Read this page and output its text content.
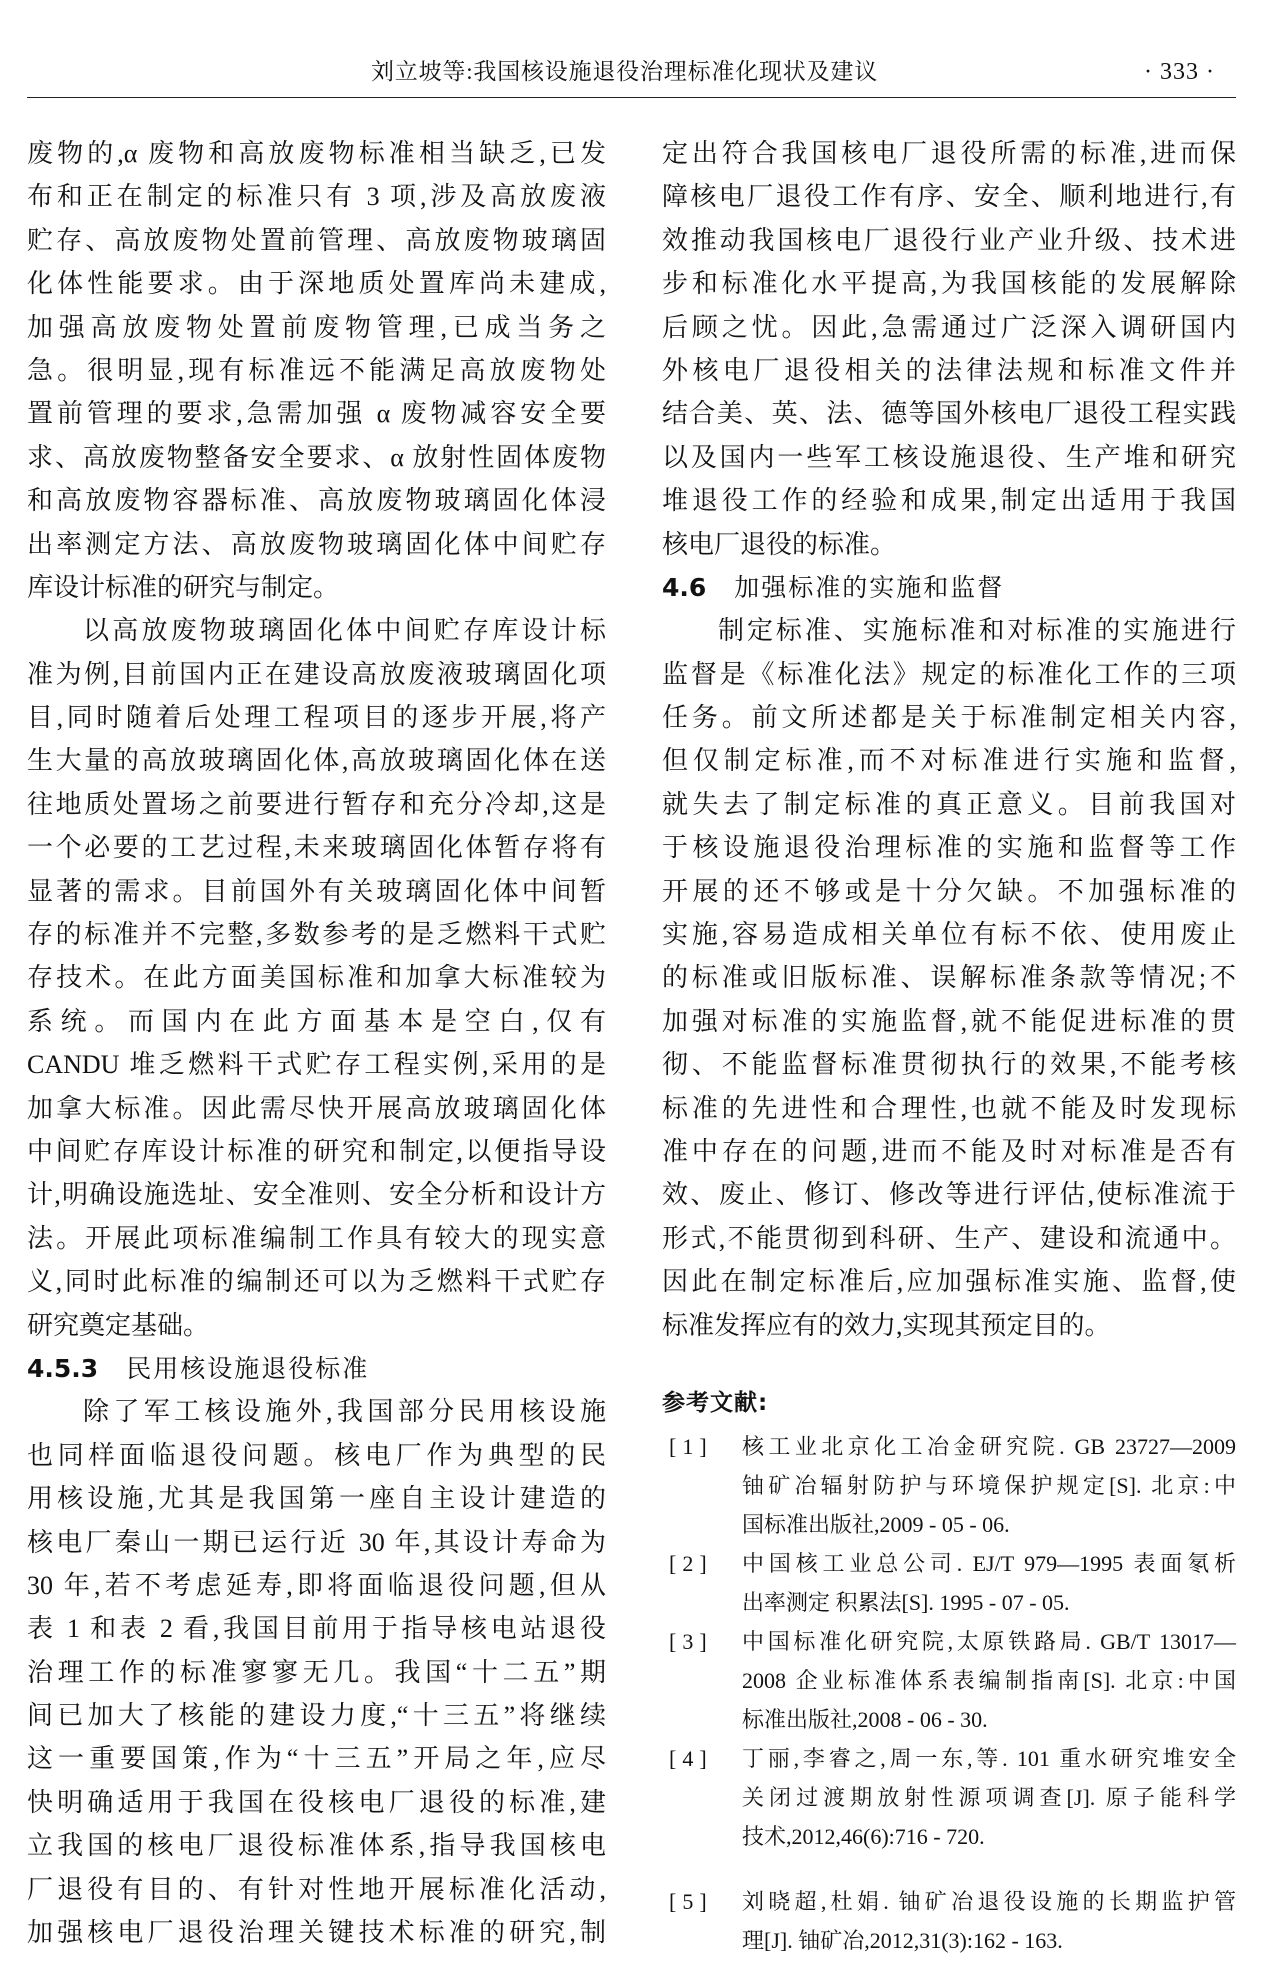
刘立坡等:我国核设施退役治理标准化现状及建议	· 333 ·
废物的,α 废物和高放废物标准相当缺乏,已发
布和正在制定的标准只有 3 项,涉及高放废液
贮存、高放废物处置前管理、高放废物玻璃固
化体性能要求。由于深地质处置库尚未建成,
加强高放废物处置前废物管理,已成当务之
急。很明显,现有标准远不能满足高放废物处
置前管理的要求,急需加强 α 废物减容安全要
求、高放废物整备安全要求、α 放射性固体废物
和高放废物容器标准、高放废物玻璃固化体浸
出率测定方法、高放废物玻璃固化体中间贮存
库设计标准的研究与制定。
以高放废物玻璃固化体中间贮存库设计标
准为例,目前国内正在建设高放废液玻璃固化项
目,同时随着后处理工程项目的逐步开展,将产
生大量的高放玻璃固化体,高放玻璃固化体在送
往地质处置场之前要进行暂存和充分冷却,这是
一个必要的工艺过程,未来玻璃固化体暂存将有
显著的需求。目前国外有关玻璃固化体中间暂
存的标准并不完整,多数参考的是乏燃料干式贮
存技术。在此方面美国标准和加拿大标准较为
系统。而国内在此方面基本是空白,仅有
CANDU 堆乏燃料干式贮存工程实例,采用的是
加拿大标准。因此需尽快开展高放玻璃固化体
中间贮存库设计标准的研究和制定,以便指导设
计,明确设施选址、安全准则、安全分析和设计方
法。开展此项标准编制工作具有较大的现实意
义,同时此标准的编制还可以为乏燃料干式贮存
研究奠定基础。
4.5.3 民用核设施退役标准
除了军工核设施外,我国部分民用核设施
也同样面临退役问题。核电厂作为典型的民
用核设施,尤其是我国第一座自主设计建造的
核电厂秦山一期已运行近 30 年,其设计寿命为
30 年,若不考虑延寿,即将面临退役问题,但从
表 1 和表 2 看,我国目前用于指导核电站退役
治理工作的标准寥寥无几。我国“十二五”期
间已加大了核能的建设力度,“十三五”将继续
这一重要国策,作为“十三五”开局之年,应尽
快明确适用于我国在役核电厂退役的标准,建
立我国的核电厂退役标准体系,指导我国核电
厂退役有目的、有针对性地开展标准化活动,
加强核电厂退役治理关键技术标准的研究,制
定出符合我国核电厂退役所需的标准,进而保
障核电厂退役工作有序、安全、顺利地进行,有
效推动我国核电厂退役行业产业升级、技术进
步和标准化水平提高,为我国核能的发展解除
后顾之忧。因此,急需通过广泛深入调研国内
外核电厂退役相关的法律法规和标准文件并
结合美、英、法、德等国外核电厂退役工程实践
以及国内一些军工核设施退役、生产堆和研究
堆退役工作的经验和成果,制定出适用于我国
核电厂退役的标准。
4.6 加强标准的实施和监督
制定标准、实施标准和对标准的实施进行
监督是《标准化法》规定的标准化工作的三项
任务。前文所述都是关于标准制定相关内容,
但仅制定标准,而不对标准进行实施和监督,
就失去了制定标准的真正意义。目前我国对
于核设施退役治理标准的实施和监督等工作
开展的还不够或是十分欠缺。不加强标准的
实施,容易造成相关单位有标不依、使用废止
的标准或旧版标准、误解标准条款等情况;不
加强对标准的实施监督,就不能促进标准的贯
彻、不能监督标准贯彻执行的效果,不能考核
标准的先进性和合理性,也就不能及时发现标
准中存在的问题,进而不能及时对标准是否有
效、废止、修订、修改等进行评估,使标准流于
形式,不能贯彻到科研、生产、建设和流通中。
因此在制定标准后,应加强标准实施、监督,使
标准发挥应有的效力,实现其预定目的。
参考文献:
[1]	核工业北京化工冶金研究院. GB 23727—2009
铀矿冶辐射防护与环境保护规定[S]. 北京:中
国标准出版社,2009 - 05 - 06.
[2]	中国核工业总公司. EJ/T 979—1995 表面氡析
出率测定 积累法[S]. 1995 - 07 - 05.
[3]	中国标准化研究院,太原铁路局. GB/T 13017—
2008 企业标准体系表编制指南[S]. 北京:中国
标准出版社,2008 - 06 - 30.
[4]	丁丽,李睿之,周一东,等. 101 重水研究堆安全
关闭过渡期放射性源项调查[J]. 原子能科学
技术,2012,46(6):716 - 720.
[5]	刘晓超,杜娟. 铀矿冶退役设施的长期监护管
理[J]. 铀矿冶,2012,31(3):162 - 163.
